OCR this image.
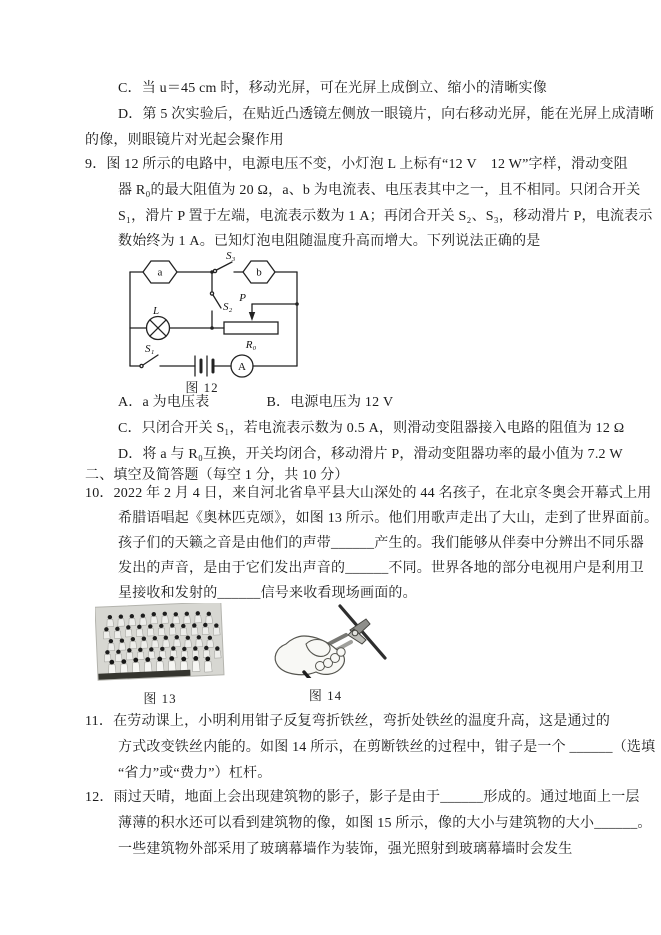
C．当 u＝45 cm 时，移动光屏，可在光屏上成倒立、缩小的清晰实像
D．第 5 次实验后，在贴近凸透镜左侧放一眼镜片，向右移动光屏，能在光屏上成清晰
的像，则眼镜片对光起会聚作用
9．图 12 所示的电路中，电源电压不变，小灯泡 L 上标有“12 V　12 W”字样，滑动变阻
器 R₀的最大阻值为 20 Ω，a、b 为电流表、电压表其中之一，且不相同。只闭合开关
S₁，滑片 P 置于左端，电流表示数为 1 A；再闭合开关 S₂、S₃，移动滑片 P，电流表示
数始终为 1 A。已知灯泡电阻随温度升高而增大。下列说法正确的是
a	b
S₃
S₂
S₁
L
P
R₀
A
图 12
A．a 为电压表	B．电源电压为 12 V
C．只闭合开关 S₁，若电流表示数为 0.5 A，则滑动变阻器接入电路的阻值为 12 Ω
D．将 a 与 R₀互换，开关均闭合，移动滑片 P，滑动变阻器功率的最小值为 7.2 W
二、填空及简答题（每空 1 分，共 10 分）
10．2022 年 2 月 4 日，来自河北省阜平县大山深处的 44 名孩子，在北京冬奥会开幕式上用
希腊语唱起《奥林匹克颂》，如图 13 所示。他们用歌声走出了大山，走到了世界面前。
孩子们的天籁之音是由他们的声带______产生的。我们能够从伴奏中分辨出不同乐器
发出的声音，是由于它们发出声音的______不同。世界各地的部分电视用户是利用卫
星接收和发射的______信号来收看现场画面的。
图 13	图 14
11．在劳动课上，小明利用钳子反复弯折铁丝，弯折处铁丝的温度升高，这是通过的
方式改变铁丝内能的。如图 14 所示，在剪断铁丝的过程中，钳子是一个 ______（选填
“省力”或“费力”）杠杆。
12．雨过天晴，地面上会出现建筑物的影子，影子是由于______形成的。通过地面上一层
薄薄的积水还可以看到建筑物的像，如图 15 所示，像的大小与建筑物的大小______。
一些建筑物外部采用了玻璃幕墙作为装饰，强光照射到玻璃幕墙时会发生
